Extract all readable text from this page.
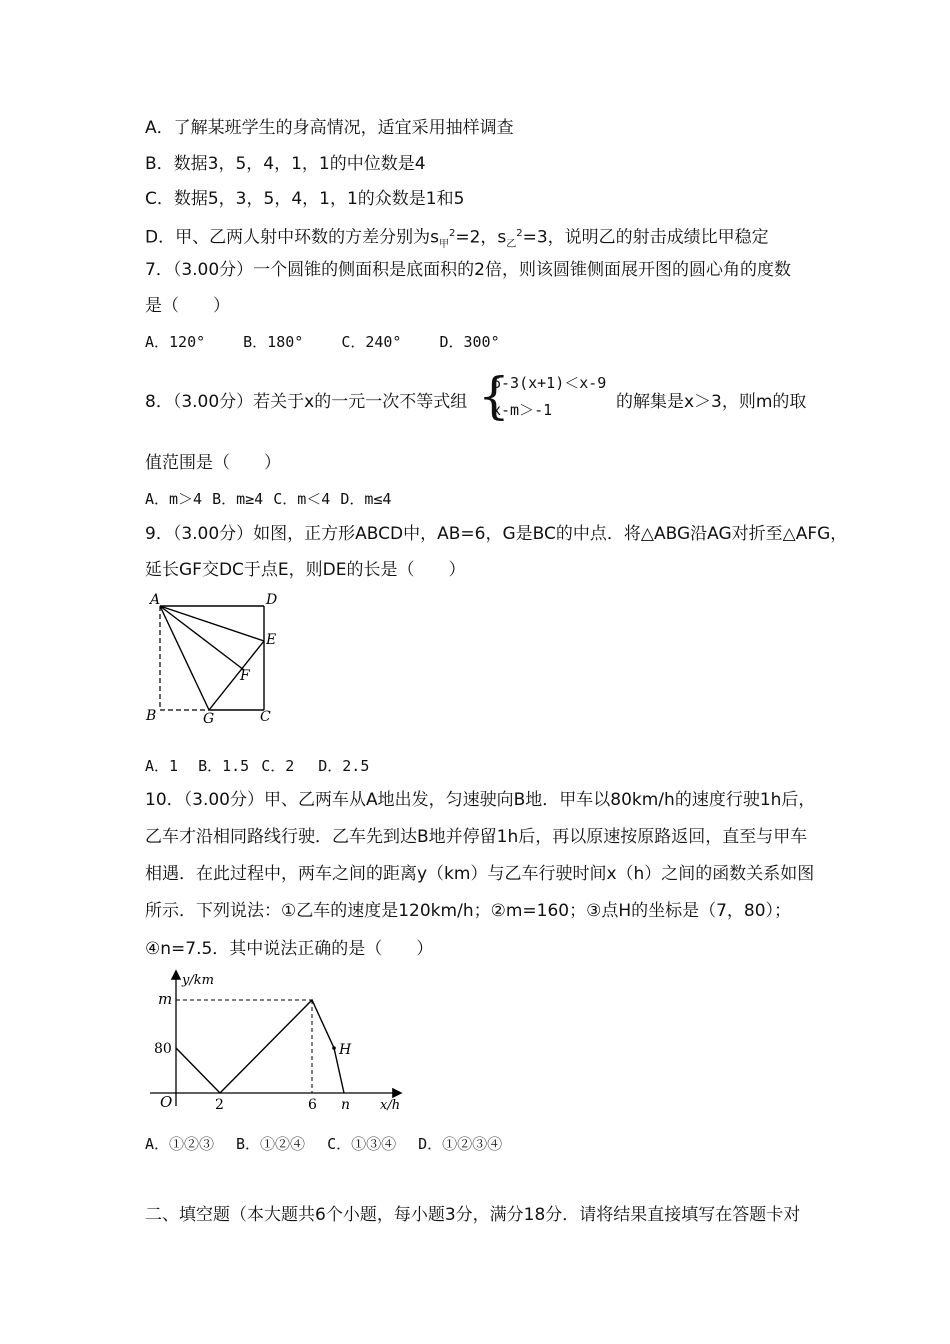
A．了解某班学生的身高情况，适宜采用抽样调查
B．数据3，5，4，1，1的中位数是4
C．数据5，3，5，4，1，1的众数是1和5
D．甲、乙两人射中环数的方差分别为$s_甲^2=2$，$s_乙^2=3$，说明乙的射击成绩比甲稳定
7．（3.00分）一个圆锥的侧面积是底面积的2倍，则该圆锥侧面展开图的圆心角的度数
是（　　）
A．120°	B．180°	C．240°	D．300°
8．（3.00分）若关于x的一元一次不等式组 {
6-3(x+1)＜x-9
x-m＞-1	的解集是x＞3，则m的取
值范围是（　　）
A．m＞4 B．m≥4 C．m＜4 D．m≤4
9．（3.00分）如图，正方形ABCD中，AB=6，G是BC的中点．将△ABG沿AG对折至△AFG，
延长GF交DC于点E，则DE的长是（　　）
A	D
E
F
B	G	C
A．1 B．1.5 C．2 D．2.5
10．（3.00分）甲、乙两车从A地出发，匀速驶向B地．甲车以80km/h的速度行驶1h后，
乙车才沿相同路线行驶．乙车先到达B地并停留1h后，再以原速按原路返回，直至与甲车
相遇．在此过程中，两车之间的距离y（km）与乙车行驶时间x（h）之间的函数关系如图
所示．下列说法：①乙车的速度是120km/h；②m=160；③点H的坐标是（7，80）；
④n=7.5．其中说法正确的是（　　）
y/km
x/h
O
m
80
2	6 n
H
A．①②③ B．①②④ C．①③④ D．①②③④
二、填空题（本大题共6个小题，每小题3分，满分18分．请将结果直接填写在答题卡对
